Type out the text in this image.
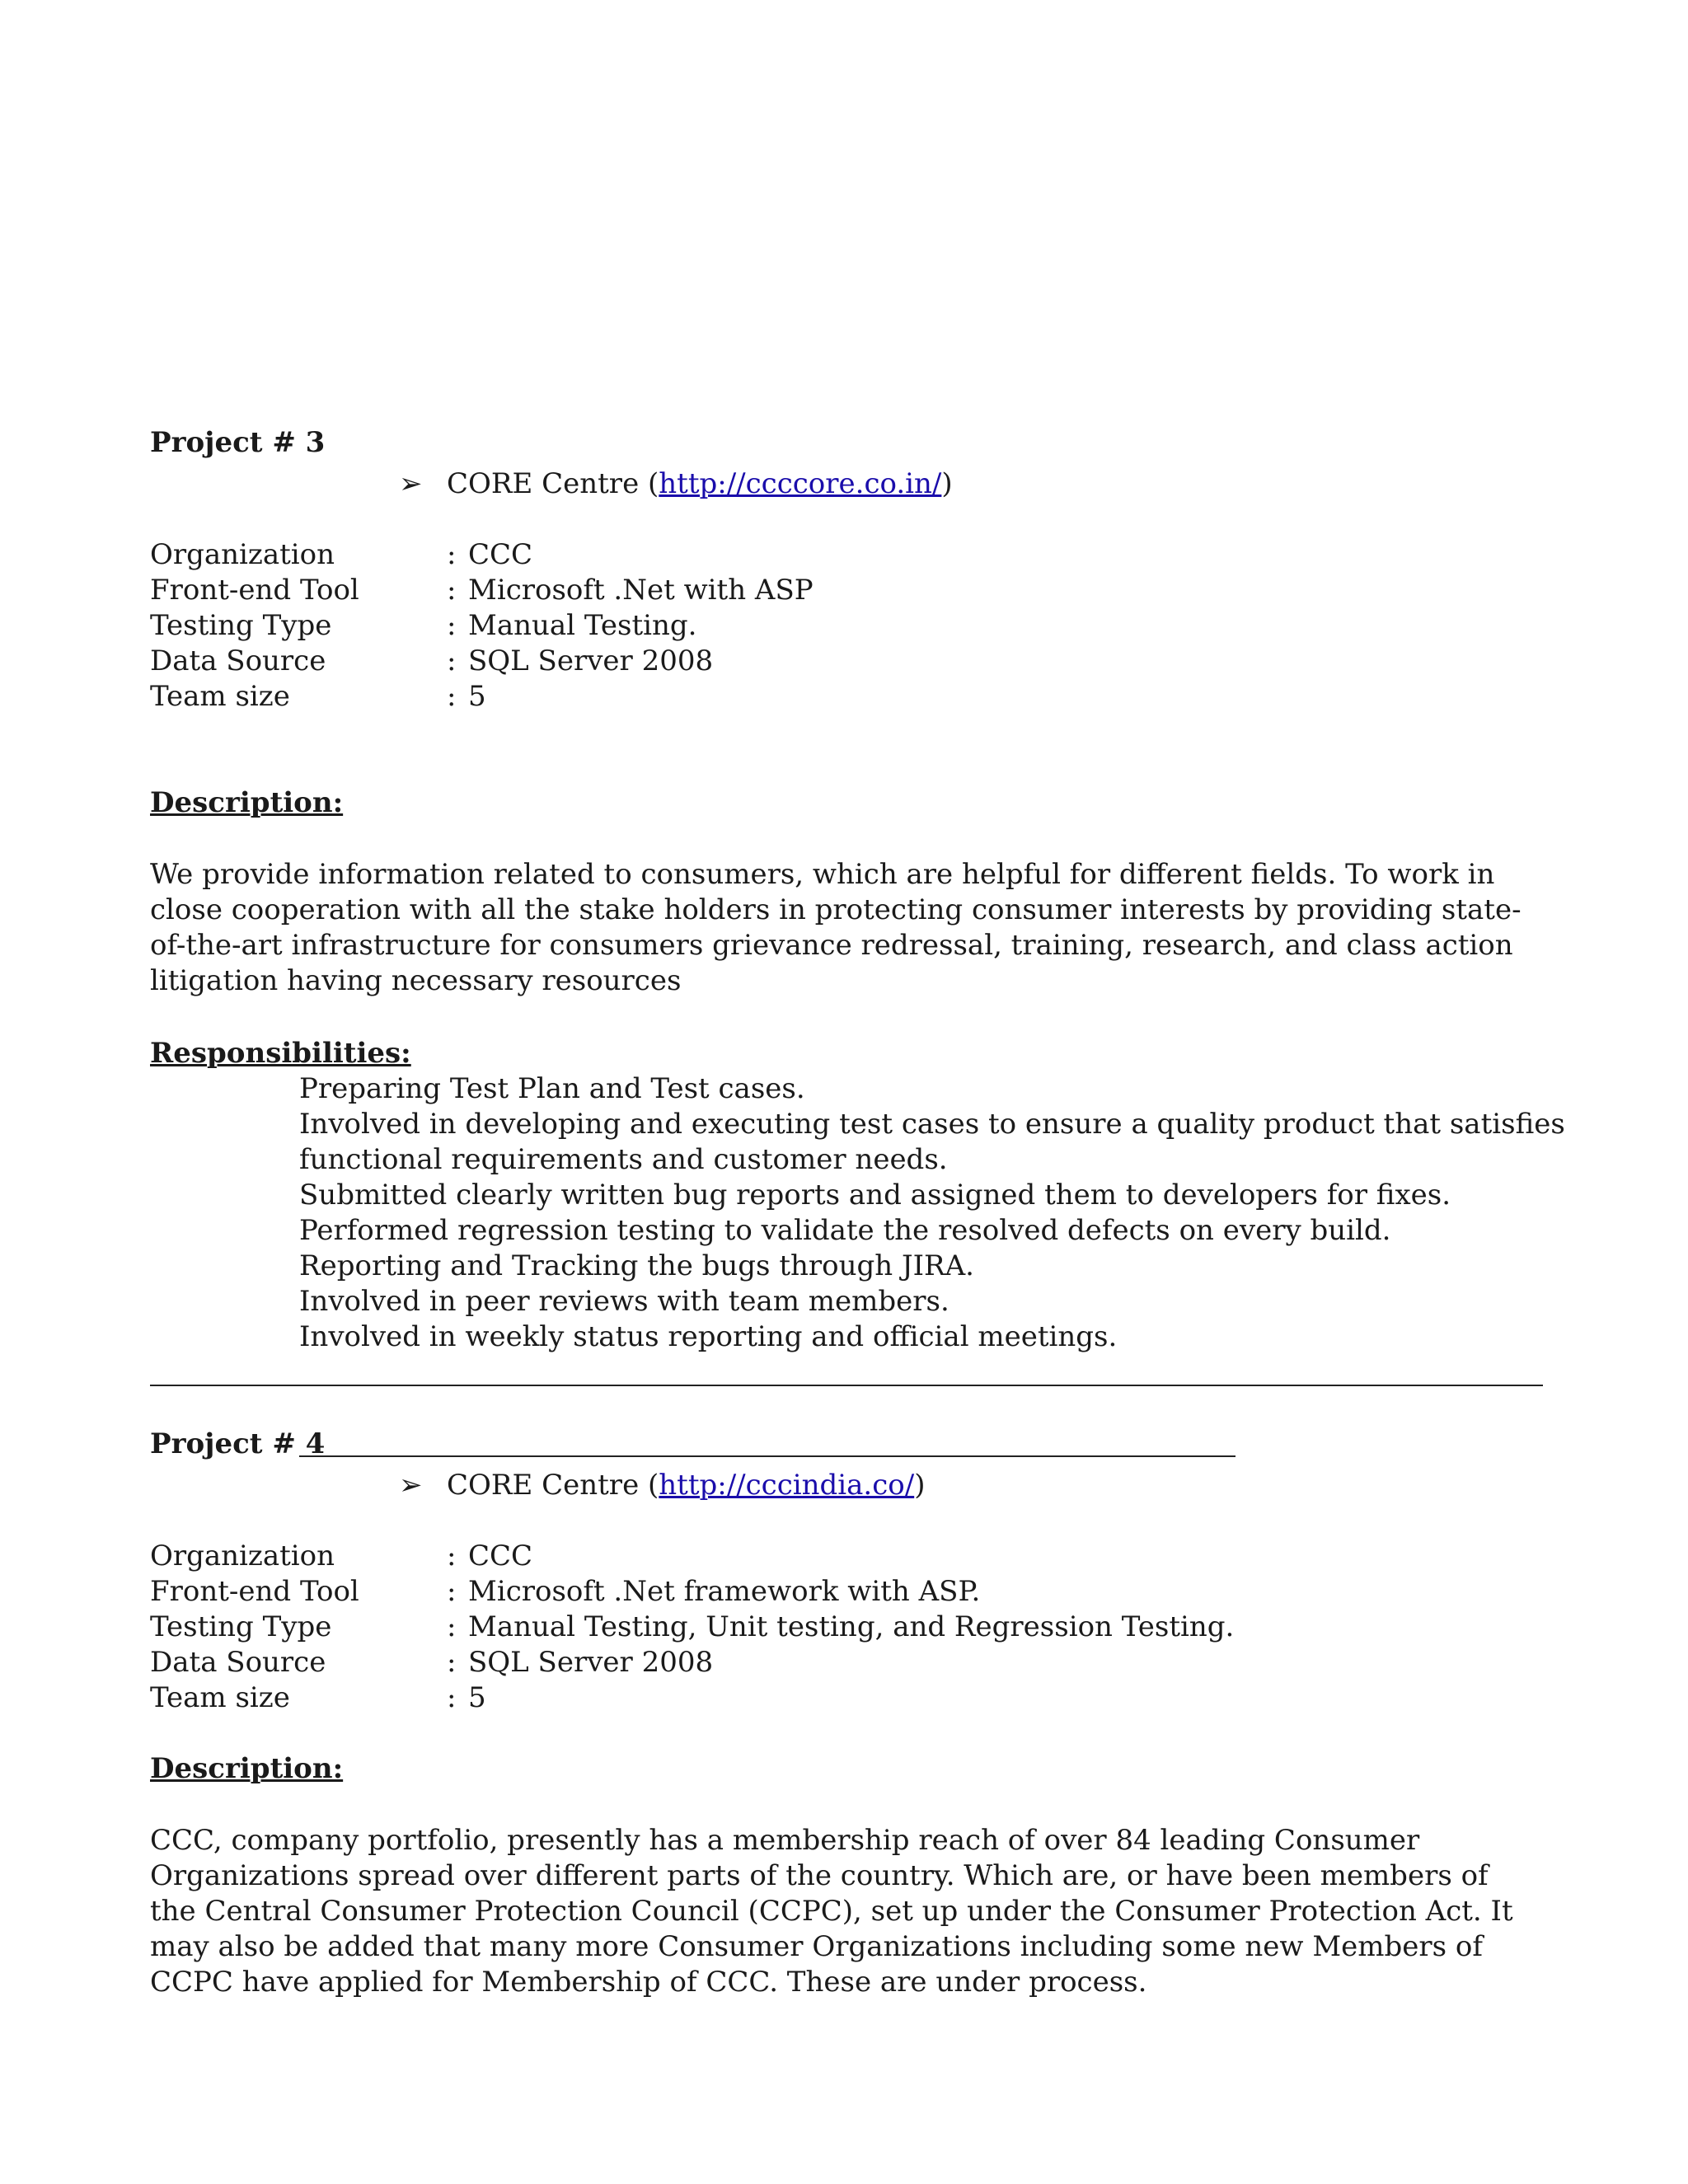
Project # 3
➢ CORE Centre (http://ccccore.co.in/)
Organization	: CCC
Front-end Tool	: Microsoft .Net with ASP
Testing Type	: Manual Testing.
Data Source	: SQL Server 2008
Team size	: 5
Description:
We provide information related to consumers, which are helpful for different fields. To work in close cooperation with all the stake holders in protecting consumer interests by providing state-of-the-art infrastructure for consumers grievance redressal, training, research, and class action litigation having necessary resources
Responsibilities:
Preparing Test Plan and Test cases.
Involved in developing and executing test cases to ensure a quality product that satisfies
functional requirements and customer needs.
Submitted clearly written bug reports and assigned them to developers for fixes.
Performed regression testing to validate the resolved defects on every build.
Reporting and Tracking the bugs through JIRA.
Involved in peer reviews with team members.
Involved in weekly status reporting and official meetings.
Project # 4
➢ CORE Centre (http://cccindia.co/)
Organization	: CCC
Front-end Tool	: Microsoft .Net framework with ASP.
Testing Type	: Manual Testing, Unit testing, and Regression Testing.
Data Source	: SQL Server 2008
Team size	: 5
Description:
CCC, company portfolio, presently has a membership reach of over 84 leading Consumer Organizations spread over different parts of the country. Which are, or have been members of the Central Consumer Protection Council (CCPC), set up under the Consumer Protection Act. It may also be added that many more Consumer Organizations including some new Members of CCPC have applied for Membership of CCC. These are under process.
